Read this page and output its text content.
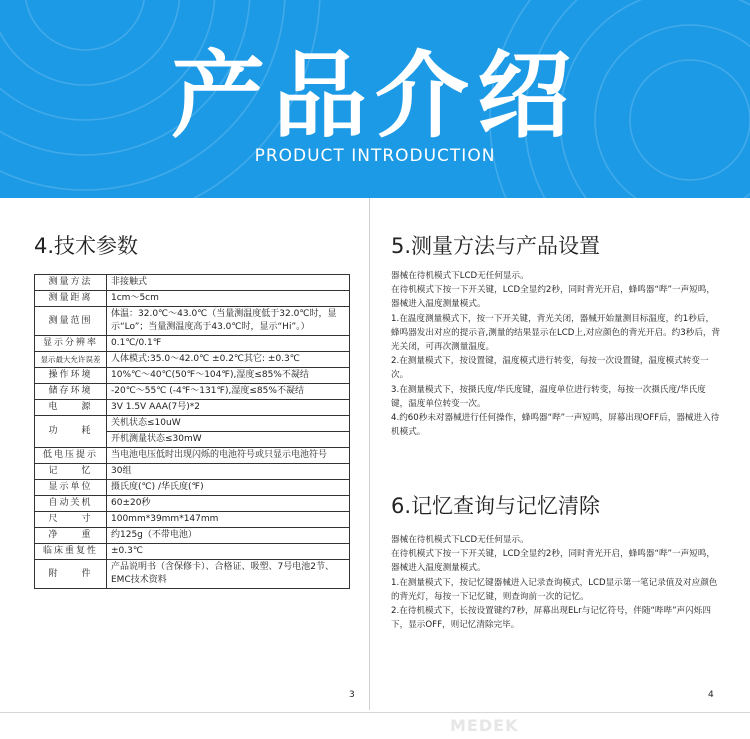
产品介绍
PRODUCT INTRODUCTION
4.技术参数
测量方法	非接触式
测量距离	1cm～5cm
测量范围	体温：32.0℃～43.0℃（当量测温度低于32.0℃时，显示“Lo”；当量测温度高于43.0℃时，显示“Hi”。）
显示分辨率	0.1℃/0.1℉
显示最大允许误差	人体模式:35.0～42.0℃ ±0.2℃其它: ±0.3℃
操作环境	10%℃～40℃(50℉～104℉),湿度≤85%不凝结
储存环境	-20℃～55℃ (-4℉～131℉),湿度≤85%不凝结
电　　源	3V 1.5V AAA(7号)*2
功　　耗	关机状态≤10uW
	开机测量状态≤30mW
低电压提示	当电池电压低时出现闪烁的电池符号或只显示电池符号
记　　忆	30组
显示单位	摄氏度(℃) /华氏度(℉)
自动关机	60±20秒
尺　　寸	100mm*39mm*147mm
净　　重	约125g（不带电池）
临床重复性	±0.3℃
附　　件	产品说明书（含保修卡）、合格证、吸塑、7号电池2节、EMC技术资料
3
5.测量方法与产品设置

器械在待机模式下LCD无任何显示。

在待机模式下按一下开关键，LCD全显约2秒，同时背光开启，蜂鸣器“哔”一声短鸣，器械进入温度测量模式。

1.在温度测量模式下，按一下开关键，背光关闭，器械开始量测目标温度，约1秒后，蜂鸣器发出对应的提示音,测量的结果显示在LCD上,对应颜色的背光开启。约3秒后，背光关闭，可再次测量温度。

2.在测量模式下，按设置键，温度模式进行转变，每按一次设置键，温度模式转变一次。

3.在测量模式下，按摄氏度/华氏度键，温度单位进行转变，每按一次摄氏度/华氏度键，温度单位转变一次。

4.约60秒未对器械进行任何操作，蜂鸣器“哔”一声短鸣，屏幕出现OFF后，器械进入待机模式。

6.记忆查询与记忆清除

器械在待机模式下LCD无任何显示。

在待机模式下按一下开关键，LCD全显约2秒，同时背光开启，蜂鸣器“哔”一声短鸣，器械进入温度测量模式。

1.在测量模式下，按记忆键器械进入记录查询模式，LCD显示第一笔记录值及对应颜色的背光灯，每按一下记忆键，则查询前一次的记忆。

2.在待机模式下，长按设置键约7秒，屏幕出现ELr与记忆符号，伴随“哔哔”声闪烁四下，显示OFF，则记忆清除完毕。

4
MEDEK
